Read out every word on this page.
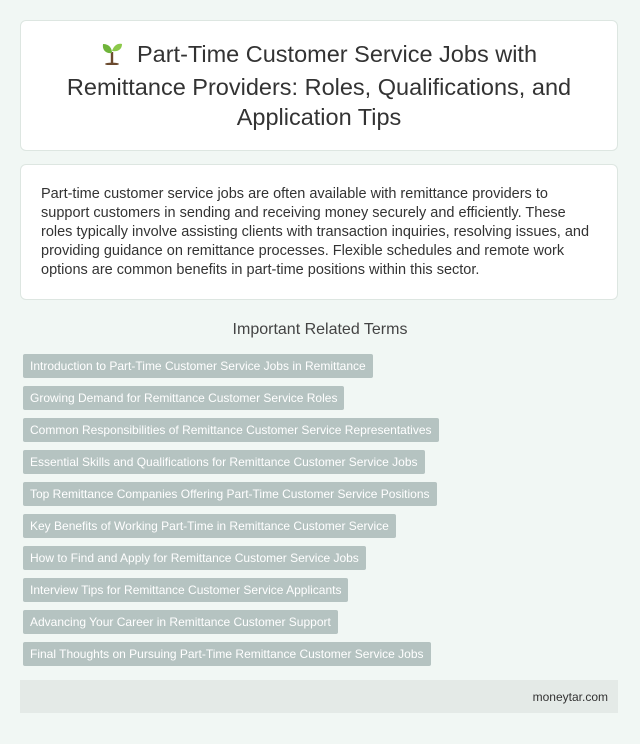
Part-Time Customer Service Jobs with Remittance Providers: Roles, Qualifications, and Application Tips

Part-time customer service jobs are often available with remittance providers to support customers in sending and receiving money securely and efficiently. These roles typically involve assisting clients with transaction inquiries, resolving issues, and providing guidance on remittance processes. Flexible schedules and remote work options are common benefits in part-time positions within this sector.

Important Related Terms
Introduction to Part-Time Customer Service Jobs in Remittance
Growing Demand for Remittance Customer Service Roles
Common Responsibilities of Remittance Customer Service Representatives
Essential Skills and Qualifications for Remittance Customer Service Jobs
Top Remittance Companies Offering Part-Time Customer Service Positions
Key Benefits of Working Part-Time in Remittance Customer Service
How to Find and Apply for Remittance Customer Service Jobs
Interview Tips for Remittance Customer Service Applicants
Advancing Your Career in Remittance Customer Support
Final Thoughts on Pursuing Part-Time Remittance Customer Service Jobs
moneytar.com
